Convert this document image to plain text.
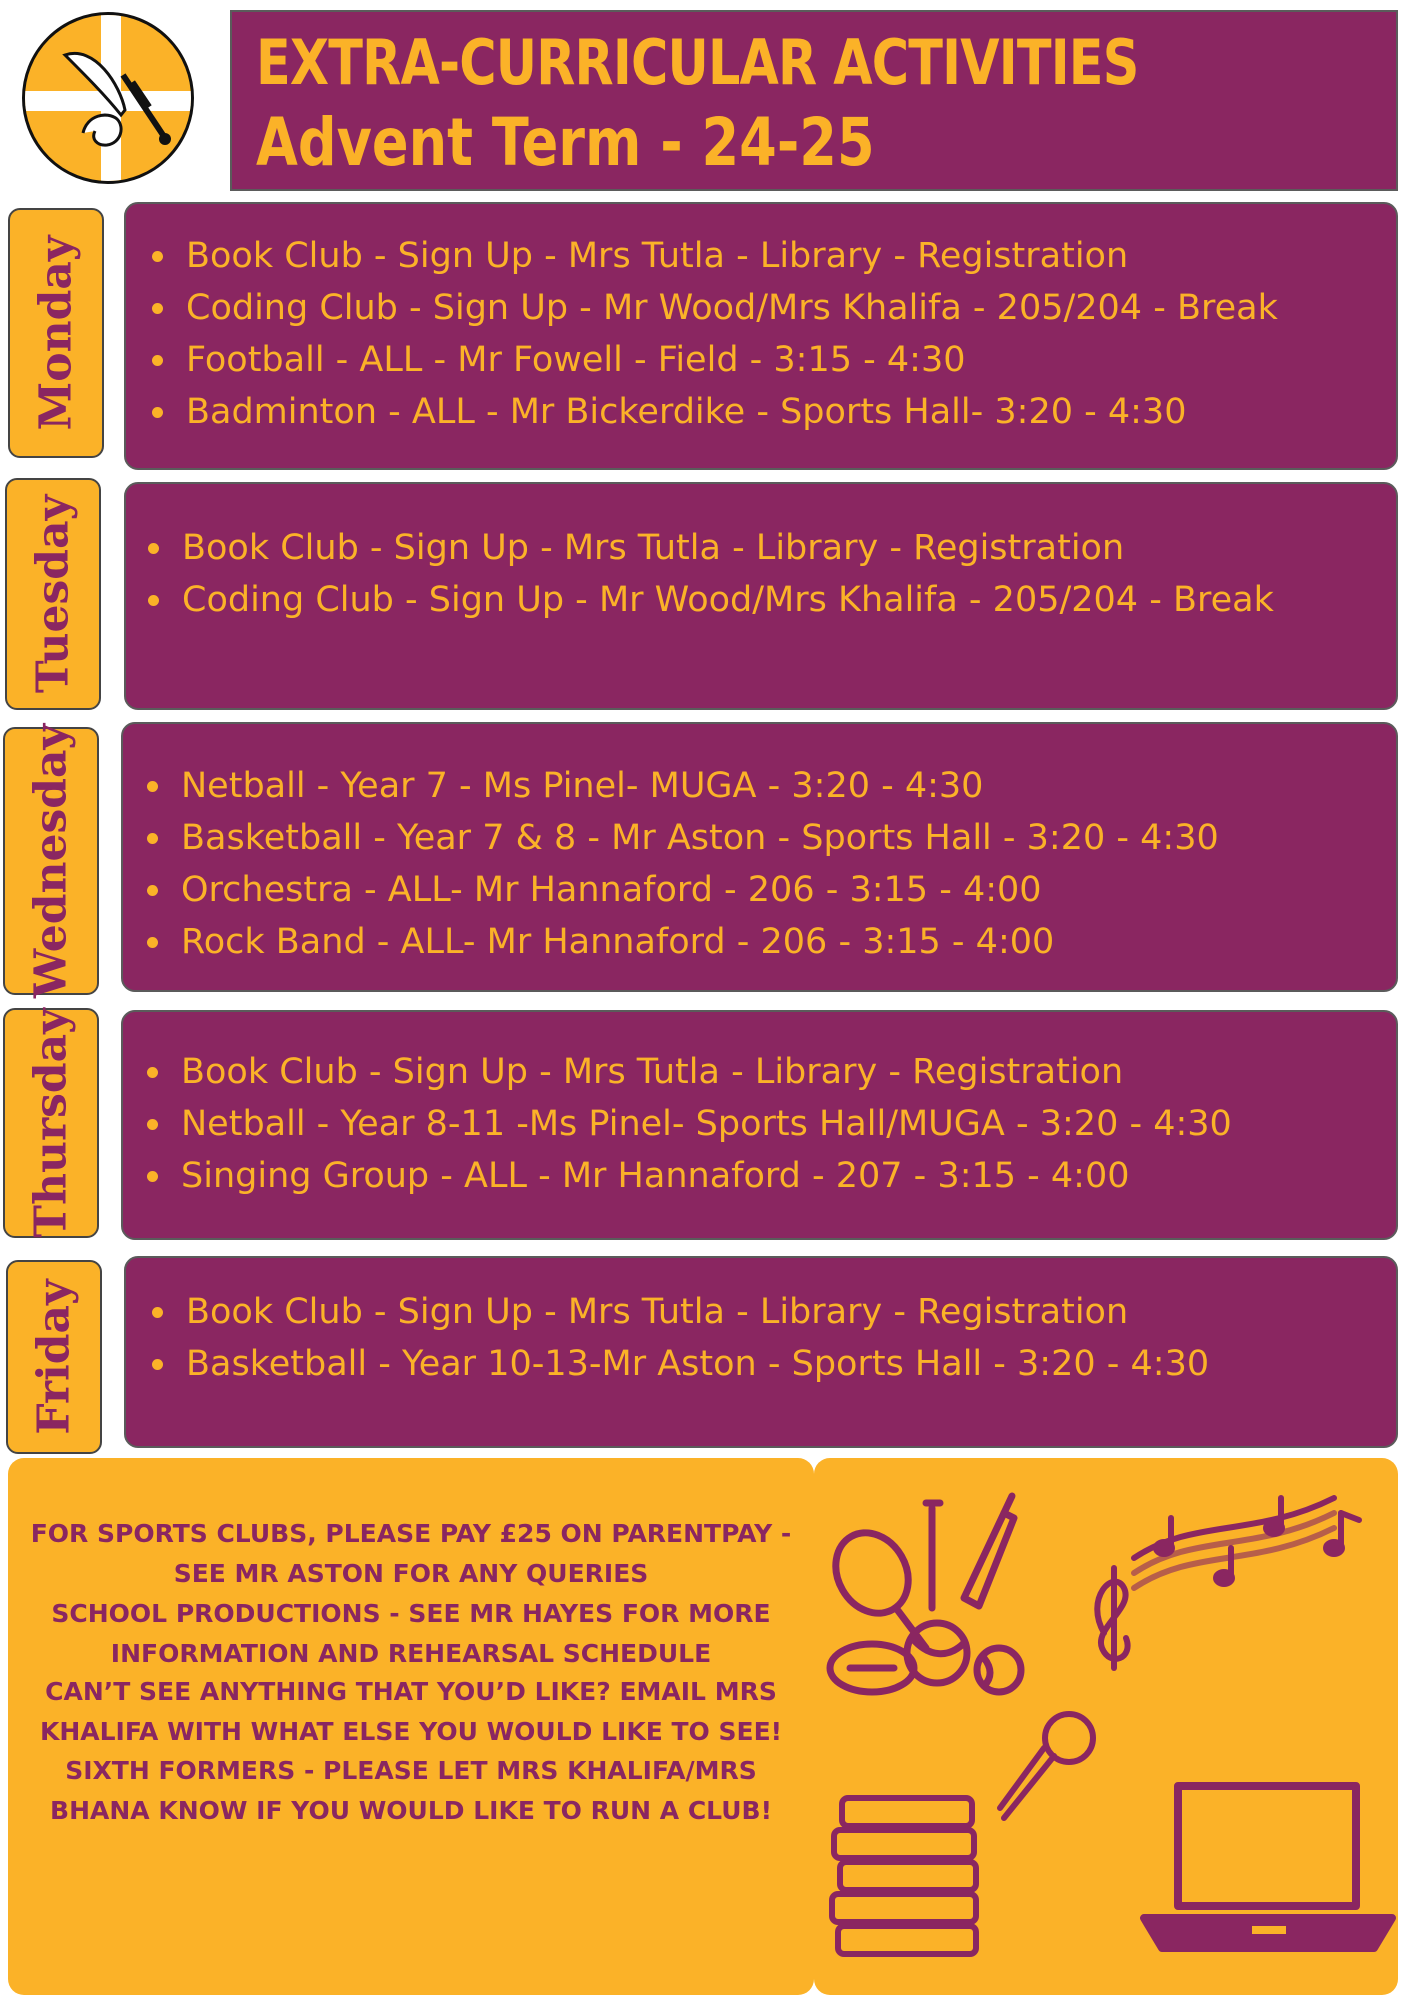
EXTRA-CURRICULAR ACTIVITIES
Advent Term - 24-25
Monday	Book Club - Sign Up - Mrs Tutla - Library - Registration
Coding Club - Sign Up - Mr Wood/Mrs Khalifa - 205/204 - Break
Football - ALL - Mr Fowell - Field - 3:15 - 4:30
Badminton - ALL - Mr Bickerdike - Sports Hall- 3:20 - 4:30
Tuesday	Book Club - Sign Up - Mrs Tutla - Library - Registration
Coding Club - Sign Up - Mr Wood/Mrs Khalifa - 205/204 - Break
Wednesday	Netball - Year 7 - Ms Pinel- MUGA - 3:20 - 4:30
Basketball - Year 7 & 8 - Mr Aston - Sports Hall - 3:20 - 4:30
Orchestra - ALL- Mr Hannaford - 206 - 3:15 - 4:00
Rock Band - ALL- Mr Hannaford - 206 - 3:15 - 4:00
Thursday	Book Club - Sign Up - Mrs Tutla - Library - Registration
Netball - Year 8-11 -Ms Pinel- Sports Hall/MUGA - 3:20 - 4:30
Singing Group - ALL - Mr Hannaford - 207 - 3:15 - 4:00
Friday	Book Club - Sign Up - Mrs Tutla - Library - Registration
Basketball - Year 10-13-Mr Aston - Sports Hall - 3:20 - 4:30
FOR SPORTS CLUBS, PLEASE PAY £25 ON PARENTPAY -
SEE MR ASTON FOR ANY QUERIES
SCHOOL PRODUCTIONS - SEE MR HAYES FOR MORE
INFORMATION AND REHEARSAL SCHEDULE
CAN’T SEE ANYTHING THAT YOU’D LIKE? EMAIL MRS
KHALIFA WITH WHAT ELSE YOU WOULD LIKE TO SEE!
SIXTH FORMERS - PLEASE LET MRS KHALIFA/MRS
BHANA KNOW IF YOU WOULD LIKE TO RUN A CLUB!
